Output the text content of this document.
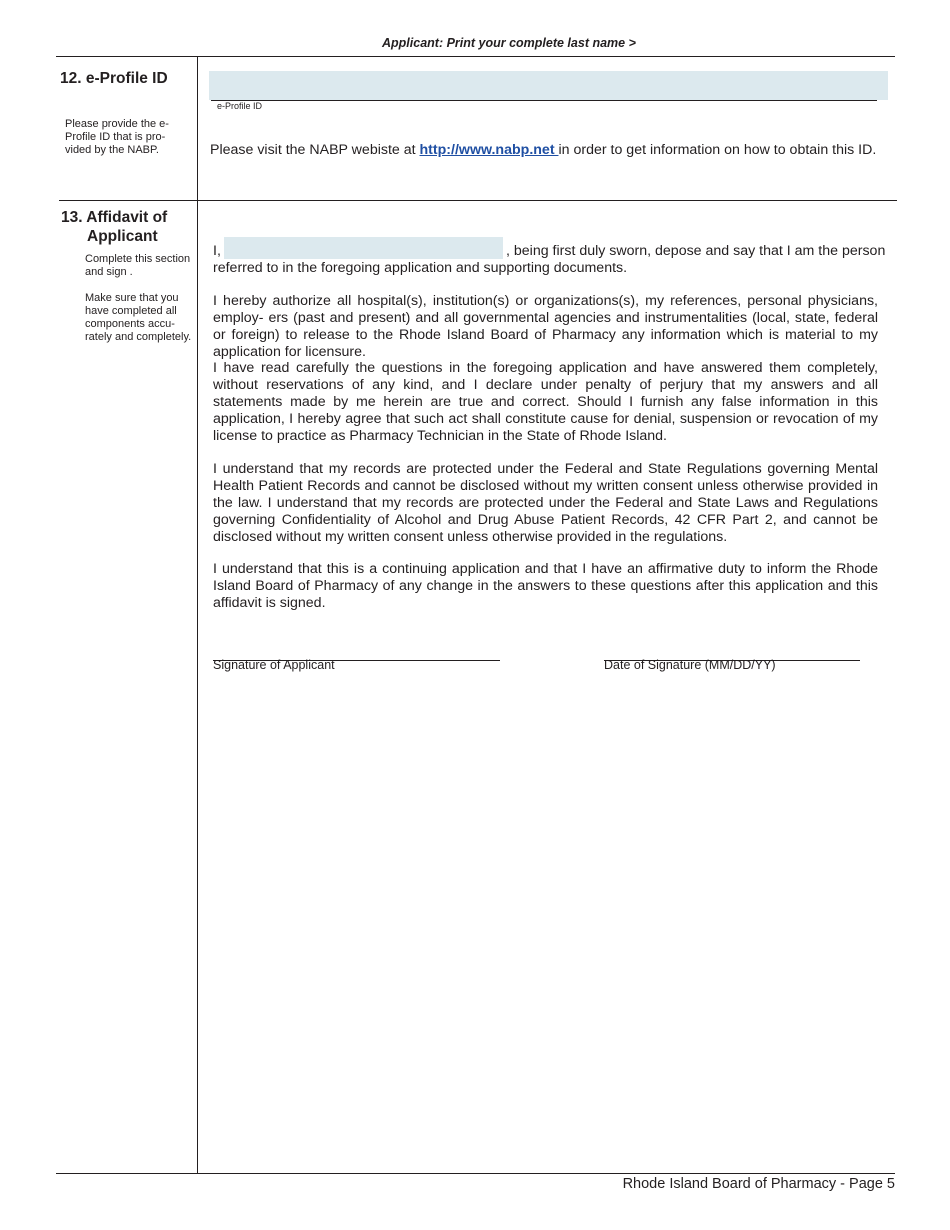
Applicant: Print your complete last name >
12. e-Profile ID
Please provide the e-Profile ID that is pro- vided by the NABP.
e-Profile ID
Please visit the NABP webiste at http://www.nabp.net in order to get information on how to obtain this ID.
13. Affidavit of
Applicant
Complete this section and sign .
Make sure that you have completed all components accu- rately and completely.
I,	, being first duly sworn, depose and say that I am the person
referred to in the foregoing application and supporting documents.
I hereby authorize all hospital(s), institution(s) or organizations(s), my references, personal physicians, employ- ers (past and present) and all governmental agencies and instrumentalities (local, state, federal or foreign) to release to the Rhode Island Board of Pharmacy any information which is material to my application for licensure.
I have read carefully the questions in the foregoing application and have answered them completely, without reservations of any kind, and I declare under penalty of perjury that my answers and all statements made by me herein are true and correct. Should I furnish any false information in this application, I hereby agree that such act shall constitute cause for denial, suspension or revocation of my license to practice as Pharmacy Technician in the State of Rhode Island.
I understand that my records are protected under the Federal and State Regulations governing Mental Health Patient Records and cannot be disclosed without my written consent unless otherwise provided in the law. I understand that my records are protected under the Federal and State Laws and Regulations governing Confidentiality of Alcohol and Drug Abuse Patient Records, 42 CFR Part 2, and cannot be disclosed without my written consent unless otherwise provided in the regulations.
I understand that this is a continuing application and that I have an affirmative duty to inform the Rhode Island Board of Pharmacy of any change in the answers to these questions after this application and this affidavit is signed.
Signature of Applicant	Date of Signature (MM/DD/YY)
Rhode Island Board of Pharmacy - Page 5
